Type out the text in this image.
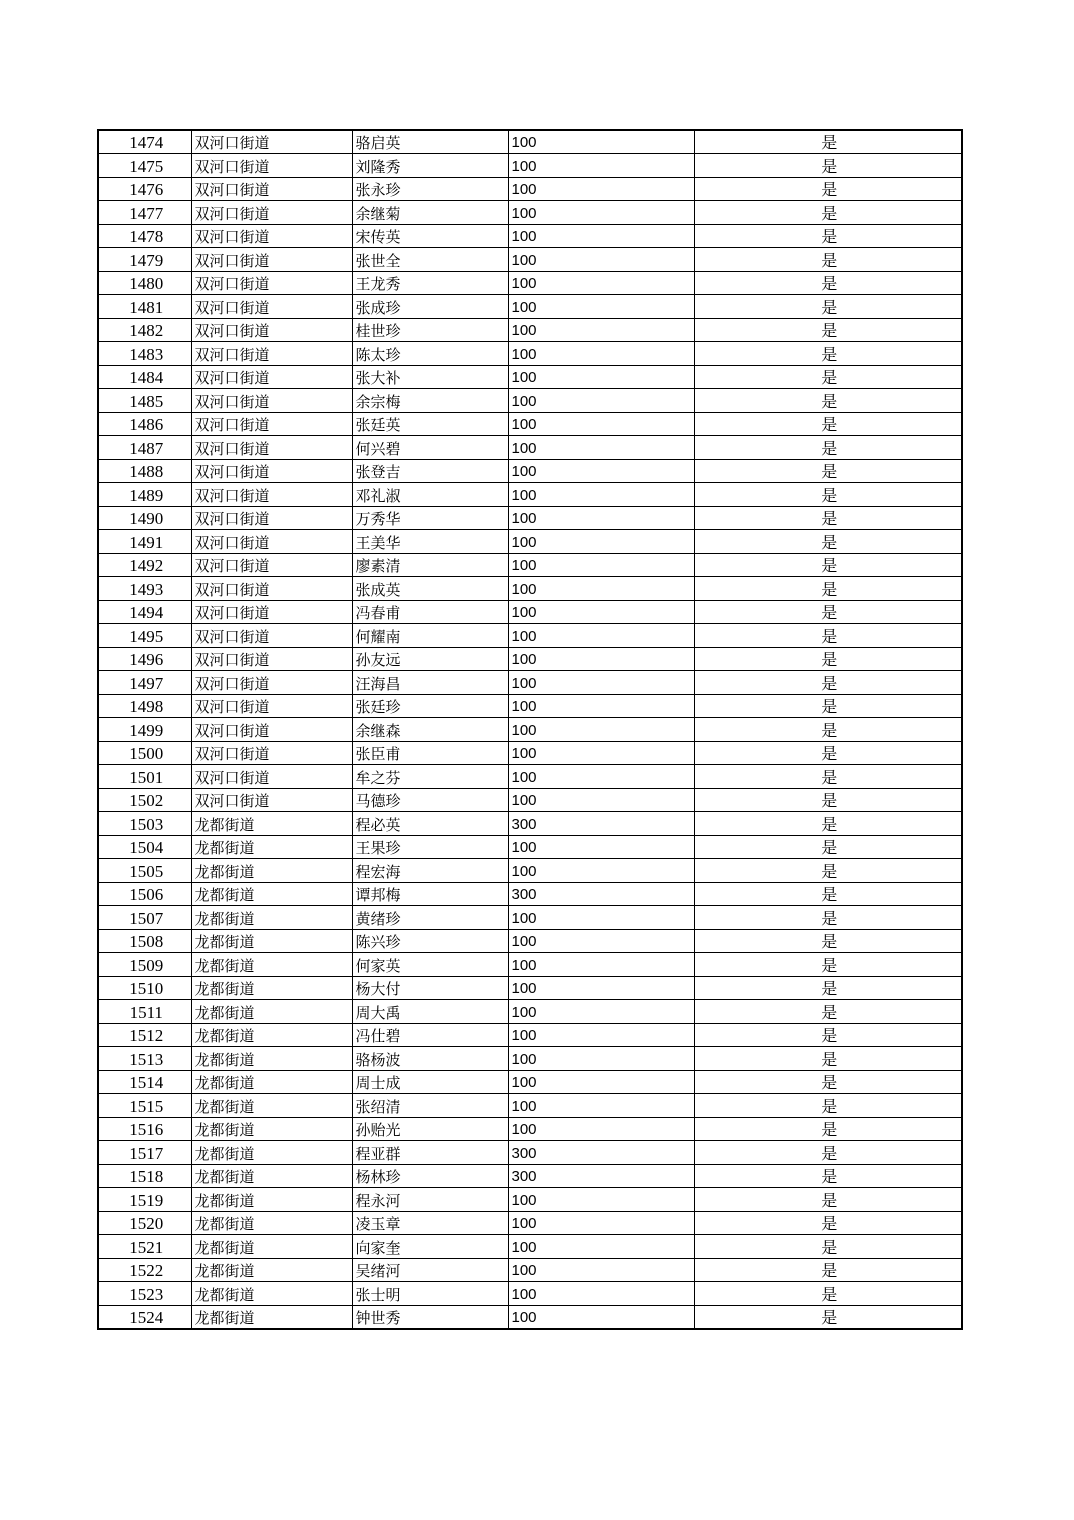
1474	双河口街道	骆启英	100	是
1475	双河口街道	刘隆秀	100	是
1476	双河口街道	张永珍	100	是
1477	双河口街道	余继菊	100	是
1478	双河口街道	宋传英	100	是
1479	双河口街道	张世全	100	是
1480	双河口街道	王龙秀	100	是
1481	双河口街道	张成珍	100	是
1482	双河口街道	桂世珍	100	是
1483	双河口街道	陈太珍	100	是
1484	双河口街道	张大补	100	是
1485	双河口街道	余宗梅	100	是
1486	双河口街道	张廷英	100	是
1487	双河口街道	何兴碧	100	是
1488	双河口街道	张登吉	100	是
1489	双河口街道	邓礼淑	100	是
1490	双河口街道	万秀华	100	是
1491	双河口街道	王美华	100	是
1492	双河口街道	廖素清	100	是
1493	双河口街道	张成英	100	是
1494	双河口街道	冯春甫	100	是
1495	双河口街道	何耀南	100	是
1496	双河口街道	孙友远	100	是
1497	双河口街道	汪海昌	100	是
1498	双河口街道	张廷珍	100	是
1499	双河口街道	余继森	100	是
1500	双河口街道	张臣甫	100	是
1501	双河口街道	牟之芬	100	是
1502	双河口街道	马德珍	100	是
1503	龙都街道	程必英	300	是
1504	龙都街道	王果珍	100	是
1505	龙都街道	程宏海	100	是
1506	龙都街道	谭邦梅	300	是
1507	龙都街道	黄绪珍	100	是
1508	龙都街道	陈兴珍	100	是
1509	龙都街道	何家英	100	是
1510	龙都街道	杨大付	100	是
1511	龙都街道	周大禹	100	是
1512	龙都街道	冯仕碧	100	是
1513	龙都街道	骆杨波	100	是
1514	龙都街道	周士成	100	是
1515	龙都街道	张绍清	100	是
1516	龙都街道	孙贻光	100	是
1517	龙都街道	程亚群	300	是
1518	龙都街道	杨林珍	300	是
1519	龙都街道	程永河	100	是
1520	龙都街道	凌玉章	100	是
1521	龙都街道	向家奎	100	是
1522	龙都街道	吴绪河	100	是
1523	龙都街道	张士明	100	是
1524	龙都街道	钟世秀	100	是
